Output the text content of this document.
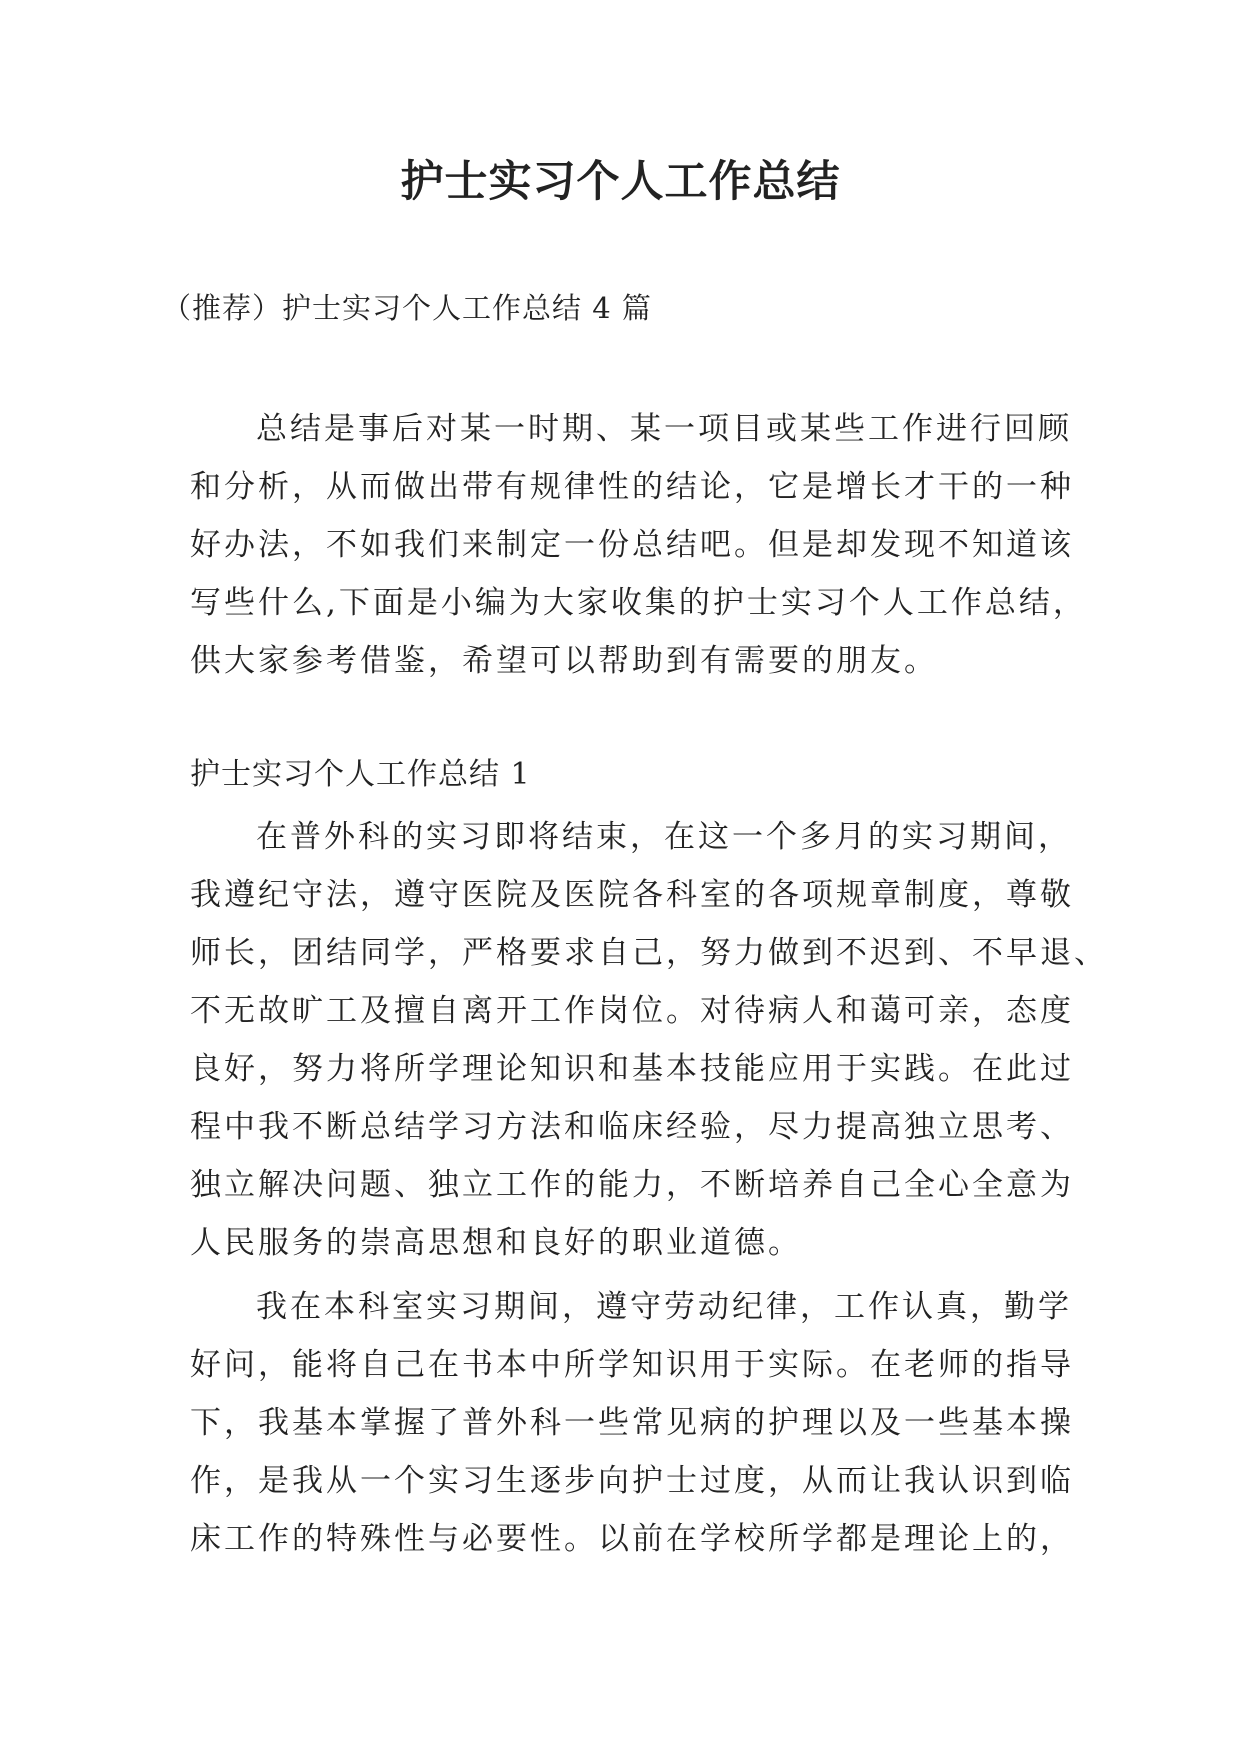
护士实习个人工作总结

（推荐）护士实习个人工作总结 4 篇

总结是事后对某一时期、某一项目或某些工作进行回顾
和分析，从而做出带有规律性的结论，它是增长才干的一种
好办法，不如我们来制定一份总结吧。但是却发现不知道该
写些什么,下面是小编为大家收集的护士实习个人工作总结，
供大家参考借鉴，希望可以帮助到有需要的朋友。

护士实习个人工作总结 1

在普外科的实习即将结束，在这一个多月的实习期间，
我遵纪守法，遵守医院及医院各科室的各项规章制度，尊敬
师长，团结同学，严格要求自己，努力做到不迟到、不早退、
不无故旷工及擅自离开工作岗位。对待病人和蔼可亲，态度
良好，努力将所学理论知识和基本技能应用于实践。在此过
程中我不断总结学习方法和临床经验，尽力提高独立思考、
独立解决问题、独立工作的能力，不断培养自己全心全意为
人民服务的崇高思想和良好的职业道德。
我在本科室实习期间，遵守劳动纪律，工作认真，勤学
好问，能将自己在书本中所学知识用于实际。在老师的指导
下，我基本掌握了普外科一些常见病的护理以及一些基本操
作，是我从一个实习生逐步向护士过度，从而让我认识到临
床工作的特殊性与必要性。以前在学校所学都是理论上的，
